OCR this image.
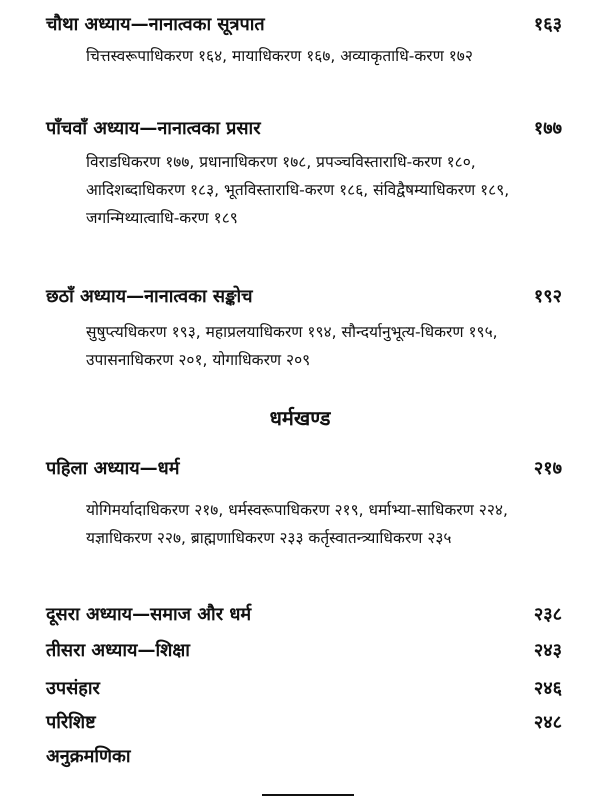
चौथा अध्याय—नानात्वका सूत्रपात	१६३

चित्तस्वरूपाधिकरण १६४, मायाधिकरण १६७, अव्याकृताधि-करण १७२

पाँचवाँ अध्याय—नानात्वका प्रसार	१७७

विराडधिकरण १७७, प्रधानाधिकरण १७८, प्रपञ्चविस्ताराधि-करण १८०, आदिशब्दाधिकरण १८३, भूतविस्ताराधि-करण १८६, संविद्वैषम्याधिकरण १८९, जगन्मिथ्यात्वाधि-करण १८९

छठाँ अध्याय—नानात्वका सङ्कोच	१९२

सुषुप्त्यधिकरण १९३, महाप्रलयाधिकरण १९४, सौन्दर्यानुभूत्य-धिकरण १९५, उपासनाधिकरण २०१, योगाधिकरण २०९

धर्मखण्ड
पहिला अध्याय—धर्म	२१७

योगिमर्यादाधिकरण २१७, धर्मस्वरूपाधिकरण २१९, धर्माभ्या-साधिकरण २२४, यज्ञाधिकरण २२७, ब्राह्मणाधिकरण २३३ कर्तृस्वातन्त्र्याधिकरण २३५

दूसरा अध्याय—समाज और धर्म	२३८
तीसरा अध्याय—शिक्षा	२४३
उपसंहार	२४६
परिशिष्ट	२४८
अनुक्रमणिका
